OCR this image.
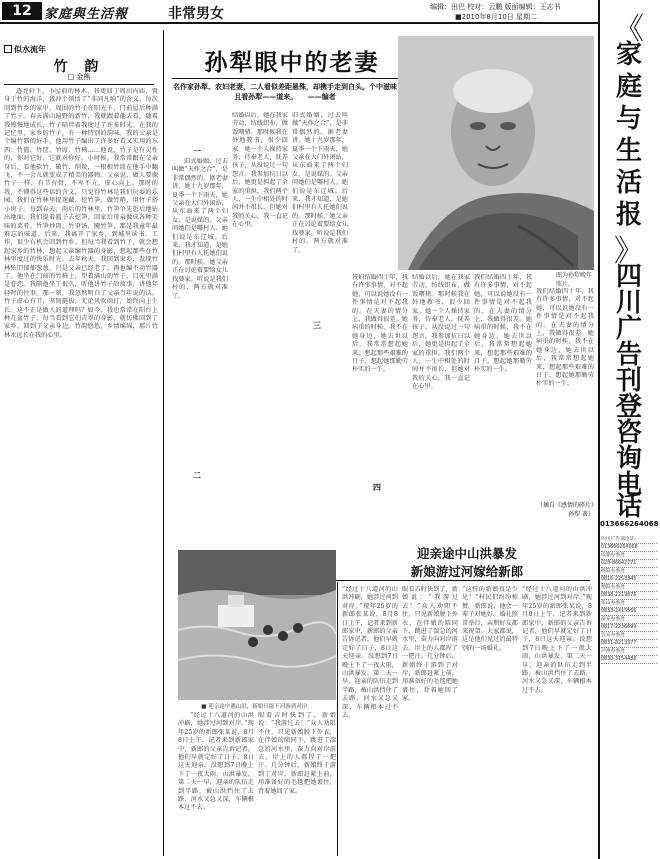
12 家庭與生活報	非常男女	编辑：田巴 校对：云鹏 版面编辑：王志书
■2010年8月10日 星期二
似水流年
竹 韵
□ 金熊
透亮轩下，小屋前的林木，我更回丁周田内庙，置身于竹的海洋，我冲个领悟了“非同凡响”的含义。每次回到竹乡的家中，周围的竹子在阳光下，门前屋后种满了竹子。春天满山遍野的新竹，我就跟着他去看，随着我慢慢地成长，竹子陪伴着我度过了许多时光。在我的记忆里，家乡的竹子，有一种特别的韵味。我的父亲是个编竹器的好手，他用竹子编出了许多好看又实用的东西：竹篮、竹筐、竹席、竹椅……他说，竹子是有灵性的，你对它好，它就对你好。小时候，我常常跟在父亲身后，看他砍竹、破竹、削篾，一根根竹篾在他手中翻飞，不一会儿就变成了精美的器物。父亲说，做人要像竹子一样，有节有骨，不卑不亢，虚心向上。那时的我，不懂得这些话的含义，只觉得竹林是我们玩耍的乐园。我们在竹林里捉迷藏，挖竹笋，做竹哨，用竹子搭小房子。每到春天，雨后的竹林里，竹笋争先恐后地钻出地面，我们提着篮子去挖笋，回家后母亲做成各种美味的菜肴。竹笋炒肉、竹笋汤、腌竹笋，那是我童年最难忘的味道。后来，我离开了家乡，到城里读书、工作，很少有机会回到竹乡。但每当我看到竹子，就会想起家乡的竹林，想起父亲编竹器的身影，想起那些在竹林里度过的快乐时光。去年秋天，我回到家乡，发现竹林依旧郁郁葱葱，只是父亲已经老了，再也编不动竹器了。他坐在门前的竹椅上，望着满山的竹子，目光里满是眷恋。我陪他坐了很久，听他讲竹子的故事，讲他年轻时的往事。那一刻，我忽然明白了父亲当年说的话。竹子虚心有节，坚韧挺拔，无论风吹雨打，始终向上生长。这不正是做人的道理吗？如今，我也常常在阳台上种几盆竹子，每当看到它们青翠的身影，就仿佛回到了家乡，回到了父亲身边。竹韵悠悠，乡情绵绵，那片竹林永远长在我的心里。
孙犁眼中的老妻
名作家孙犁、农妇老妻，二人看似差距悬殊，却携手走到白头。个中滋味且看孙犁——道来。　　——编者
图为孙犁晚年照片。
一
旧式婚姻，过去叫做“天作之合”，是非常偶然的。据老妻讲，她十九岁那年，夏季一个下雨天，她父亲在大门外闲站，从东面来了两个妇女，是说媒的。父亲问她们是哪村人。她们说是东辽城。后来，我才知道，是她们村里有人托她们说的。那时候，她父亲正在讨论着要给女儿找婆家。听说是我们村的，两方就对准了。
结婚以后，她在我家劳动，纺线织布，做饭喂猪。那时候我在外地教书，很少回家。她一个人操持家务，侍奉老人，抚养孩子，从没说过一句怨言。我参加抗日以后，她更是担起了全家的重担。我们两个人，一生中相处的时间并不很长，但她对我的关心，我一直记在心里。
三
旧式婚姻，过去叫做“天作之合”，是非常偶然的。据老妻讲，她十九岁那年，夏季一个下雨天，她父亲在大门外闲站，从东面来了两个妇女，是说媒的。父亲问她们是哪村人。她们说是东辽城。后来，我才知道，是她们村里有人托她们说的。那时候，她父亲正在讨论着要给女儿找婆家。听说是我们村的，两方就对准了。
二
四
我们结婚四十年，我有许多事情，对不起她，可以说她没有一件事情是对不起我的。在夫妻的情分上，我做得很差。她病重的时候，我不在她身边，她去世以后，我常常想起她来，想起那些艰难的日子，想起她那勤劳朴实的一生。
结婚以后，她在我家劳动，纺线织布，做饭喂猪。那时候我在外地教书，很少回家。她一个人操持家务，侍奉老人，抚养孩子，从没说过一句怨言。我参加抗日以后，她更是担起了全家的重担。我们两个人，一生中相处的时间并不很长，但她对我的关心，我一直记在心里。
我们结婚四十年，我有许多事情，对不起她，可以说她没有一件事情是对不起我的。在夫妻的情分上，我做得很差。她病重的时候，我不在她身边，她去世以后，我常常想起她来，想起那些艰难的日子，想起她那勤劳朴实的一生。
我们结婚四十年，我有许多事情，对不起她，可以说她没有一件事情是对不起我的。在夫妻的情分上，我做得很差。她病重的时候，我不在她身边，她去世以后，我常常想起她来，想起那些艰难的日子，想起她那勤劳朴实的一生。
（摘自《感情的碎片》孙犁 著）
■ 迎亲途中遇山洪，新娘只能下河游到对岸。
迎亲途中山洪暴发
新娘游过河嫁给新郎
“经过十八道河的山洪冲刷，她涉过河到对岸。”现年25岁的新郎张某说，8月8日上午，记者来到新郎家中，新郎的父亲告诉记者，他们早就定好了日子，8日这天迎亲。没想到7日晚上下了一夜大雨，山洪暴发。第二天一早，迎亲的队伍走到半路，被山洪挡住了去路，河水又急又深，车辆根本过不去。
眼看吉时快到了，新娘说：“我游过去！”众人劝阻不住，只见新娘脱下外衣，在伴娘的陪同下，跳进了湍急的河水里，奋力向对岸游去。岸上的人都捏了一把汗。几分钟后，新娘终于游到了对岸，新郎赶紧上前，用准备好的毛毯把她裹住，背着她回了家。
“经过十八道河的山洪冲刷，她涉过河到对岸。”现年25岁的新郎张某说，8月8日上午，记者来到新郎家中，新郎的父亲告诉记者，他们早就定好了日子，8日这天迎亲。没想到7日晚上下了一夜大雨，山洪暴发。第二天一早，迎亲的队伍走到半路，被山洪挡住了去路，河水又急又深，车辆根本过不去。
眼看吉时快到了，新娘说：“我游过去！”众人劝阻不住，只见新娘脱下外衣，在伴娘的陪同下，跳进了湍急的河水里，奋力向对岸游去。岸上的人都捏了一把汗。几分钟后，新娘终于游到了对岸，新郎赶紧上前，用准备好的毛毯把她裹住，背着她回了家。
“这样的新娘真是少见！”村民们纷纷称赞。新郎说，他会一辈子对她好。婚礼照常举行，亲朋好友都来祝贺。大家都说，这是他们见过的最特别的一场婚礼。
“经过十八道河的山洪冲刷，她涉过河到对岸。”现年25岁的新郎张某说，8月8日上午，记者来到新郎家中，新郎的父亲告诉记者，他们早就定好了日子，8日这天迎亲。没想到7日晚上下了一夜大雨，山洪暴发。第二天一早，迎亲的队伍走到半路，被山洪挡住了去路，河水又急又深，车辆根本过不去。
《
家
庭
与
生
活
报
》
四
川
广
告
刊
登
咨
询
电
话
013666264068
四川广告部电话：
013666264068
成都办事处
028-86642771
绵阳办事处
0816-2253345
德阳办事处
0838-2219876
乐山办事处
0833-2415566
南充办事处
0817-2236699
宜宾办事处
0831-8213377
泸州办事处
0830-3154488
